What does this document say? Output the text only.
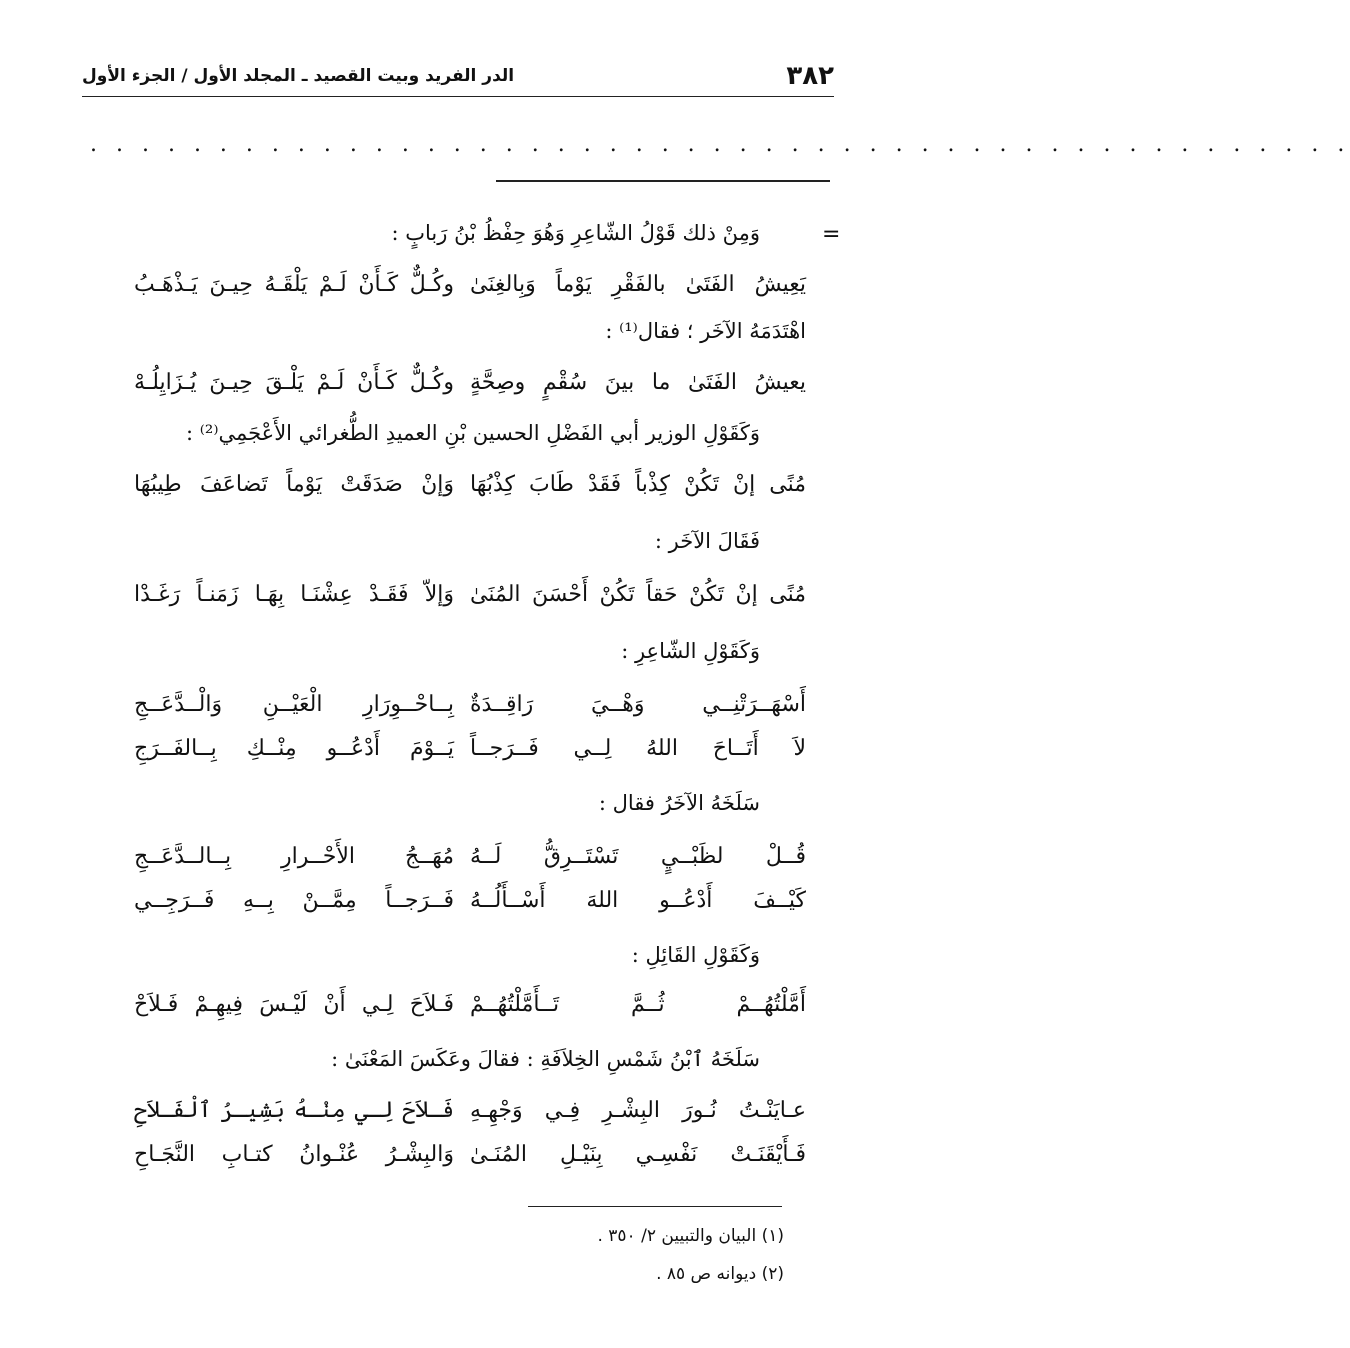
٣٨٢
الدر الفريد وبيت القصيد ـ المجلد الأول / الجزء الأول
. . . . . . . . . . . . . . . . . . . . . . . . . . . . . . . . . . . . . . . . . . . . . . . . .
=
وَمِنْ ذلك قَوْلُ الشّاعِرِ وَهُوَ حِفْظُ بْنُ رَبابٍ :
يَعِيشُ الفَتَىٰ بالفَقْرِ يَوْماً وَبِالغِنَىٰ
وكُـلٌّ كَـأَنْ لَـمْ يَلْقَـهُ حِيـنَ يَـذْهَـبُ
اهْتَدَمَهُ الآخَر ؛ فقال⁽¹⁾ :
يعيشُ الفَتَىٰ ما بينَ سُقْمٍ وصِحَّةٍ
وكُـلٌّ كَـأَنْ لَـمْ يَلْـقَ حِيـنَ يُـزَايِلُـهْ
وَكَقَوْلِ الوزير أبي الفَضْلِ الحسين بْنِ العميدِ الطُّغرائي الأَعْجَمِي⁽²⁾ :
مُنًى إنْ تَكُنْ كِذْباً فَقَدْ طَابَ كِذْبُهَا
وَإنْ صَدَقَتْ يَوْماً تَضاعَفَ طِيبُهَا
فَقَالَ الآخَر :
مُنًى إنْ تَكُنْ حَقاً تَكُنْ أَحْسَنَ المُنَىٰ
وَإلاّ فَقَـدْ عِشْنَـا بِهَـا زَمَنـاً رَغَـدْا
وَكَقَوْلِ الشّاعِرِ :
أَسْهَــرَتْنِــي وَهْــيَ رَاقِــدَةٌ
بِــاحْــوِرَارِ الْعَيْــنِ وَالْــدَّعَــجِ
لاَ أَتَــاحَ اللهُ لِــي فَــرَجــاً
يَــوْمَ أَدْعُــو مِنْــكِ بِــالفَــرَجِ
سَلَخَهُ الآخَرُ فقال :
قُــلْ لظَبْــيٍ تَسْتَــرِقُّ لَــهُ
مُهَــجُ الأَحْــرارِ بِــالــدَّعَــجِ
كَيْــفَ أَدْعُــو اللهَ أَسْــأَلُــهُ
فَــرَجــاً مِمَّــنْ بِــهِ فَــرَجِــي
وَكَقَوْلِ القَائِلِ :
أَمَّلْتُهُــمْ ثُــمَّ تَــأَمَّلْتُهُــمْ
فَـلاَحَ لِـي أَنْ لَيْـسَ فِيهِـمْ فَـلاَحْ
سَلَخَهُ ٱبْنُ شَمْسِ الخِلاَفَةِ : فقالَ وعَكَسَ المَعْنَىٰ :
عـايَنْـتُ نُـورَ البِشْـرِ فِـي وَجْهِـهِ
فَـلاَحَ لِـي مِنْـهُ بَشِيـرُ ٱلْفَـلاَحِ
فَـأَيْقَنَـتْ نَفْسِـي بِنَيْـلِ المُنَـىٰ
وَالبِشْـرُ عُنْـوانُ كتـابِ النَّجَـاحِ
(١) البيان والتبيين ٢/ ٣٥٠ .
(٢) ديوانه ص ٨٥ .
